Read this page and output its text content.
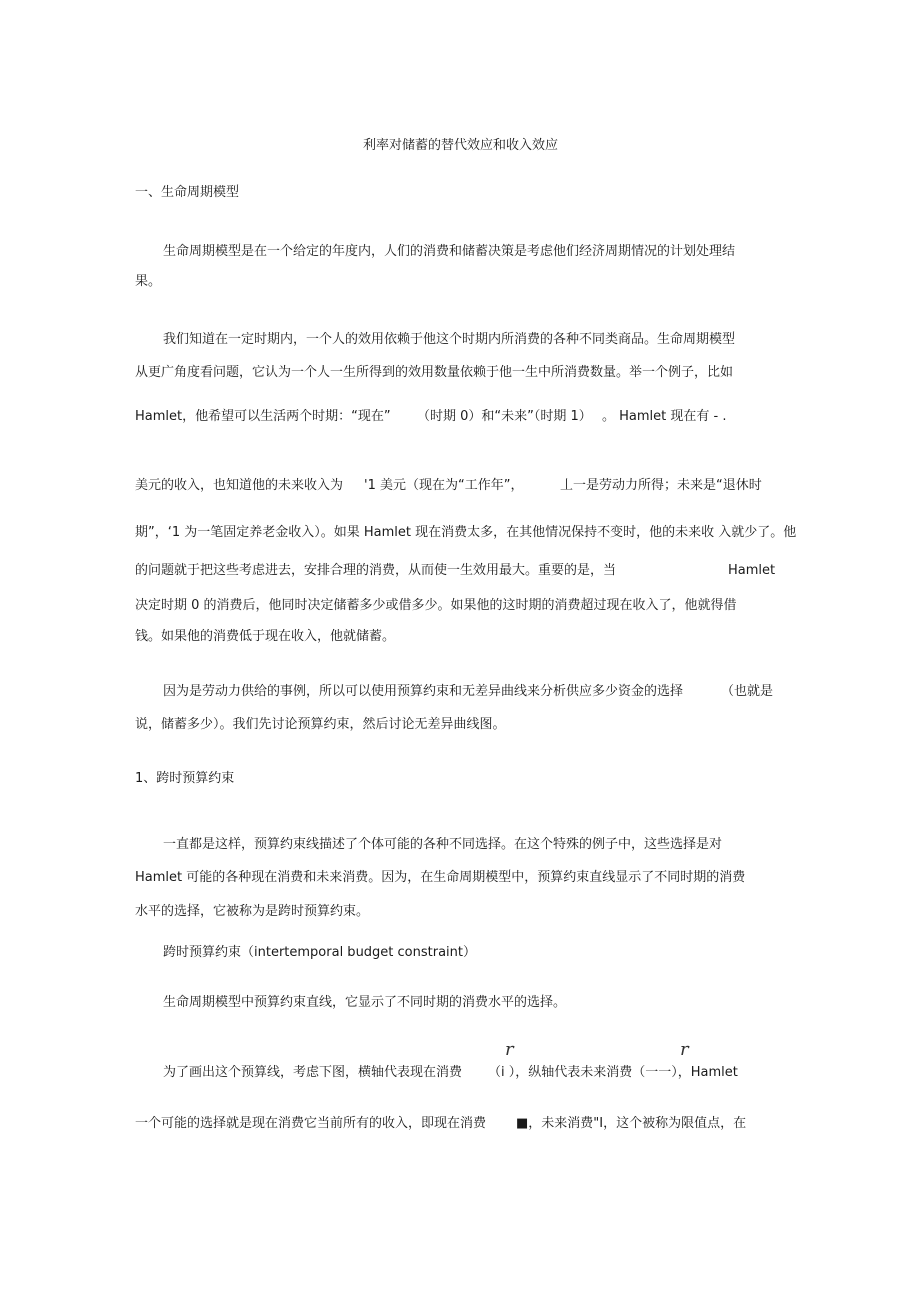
利率对储蓄的替代效应和收入效应
一、生命周期模型
生命周期模型是在一个给定的年度内，人们的消费和储蓄决策是考虑他们经济周期情况的计划处理结
果。
我们知道在一定时期内，一个人的效用依赖于他这个时期内所消费的各种不同类商品。生命周期模型
从更广角度看问题，它认为一个人一生所得到的效用数量依赖于他一生中所消费数量。举一个例子，比如
Hamlet，他希望可以生活两个时期：“现在” （时期 0）和“未来”（时期 1） 。 Hamlet 现在有 - .
美元的收入，也知道他的未来收入为 '1 美元（现在为“工作年”，	丄一是劳动力所得；未来是“退休时
期”，‘1 为一笔固定养老金收入）。如果 Hamlet 现在消费太多，在其他情况保持不变时，他的未来收 入就少了。他
的问题就于把这些考虑进去，安排合理的消费，从而使一生效用最大。重要的是，当	Hamlet
决定时期 0 的消费后，他同时决定储蓄多少或借多少。如果他的这时期的消费超过现在收入了，他就得借
钱。如果他的消费低于现在收入，他就储蓄。
因为是劳动力供给的事例，所以可以使用预算约束和无差异曲线来分析供应多少资金的选择	（也就是
说，储蓄多少）。我们先讨论预算约束，然后讨论无差异曲线图。
1、跨时预算约束
一直都是这样，预算约束线描述了个体可能的各种不同选择。在这个特殊的例子中，这些选择是对
Hamlet 可能的各种现在消费和未来消费。因为，在生命周期模型中，预算约束直线显示了不同时期的消费
水平的选择，它被称为是跨时预算约束。
跨时预算约束（intertemporal budget constraint）
生命周期模型中预算约束直线，它显示了不同时期的消费水平的选择。
r	r
为了画出这个预算线，考虑下图，横轴代表现在消费 （i ），纵轴代表未来消费（一一），Hamlet
一个可能的选择就是现在消费它当前所有的收入，即现在消费 ■，未来消费"I，这个被称为限值点，在
